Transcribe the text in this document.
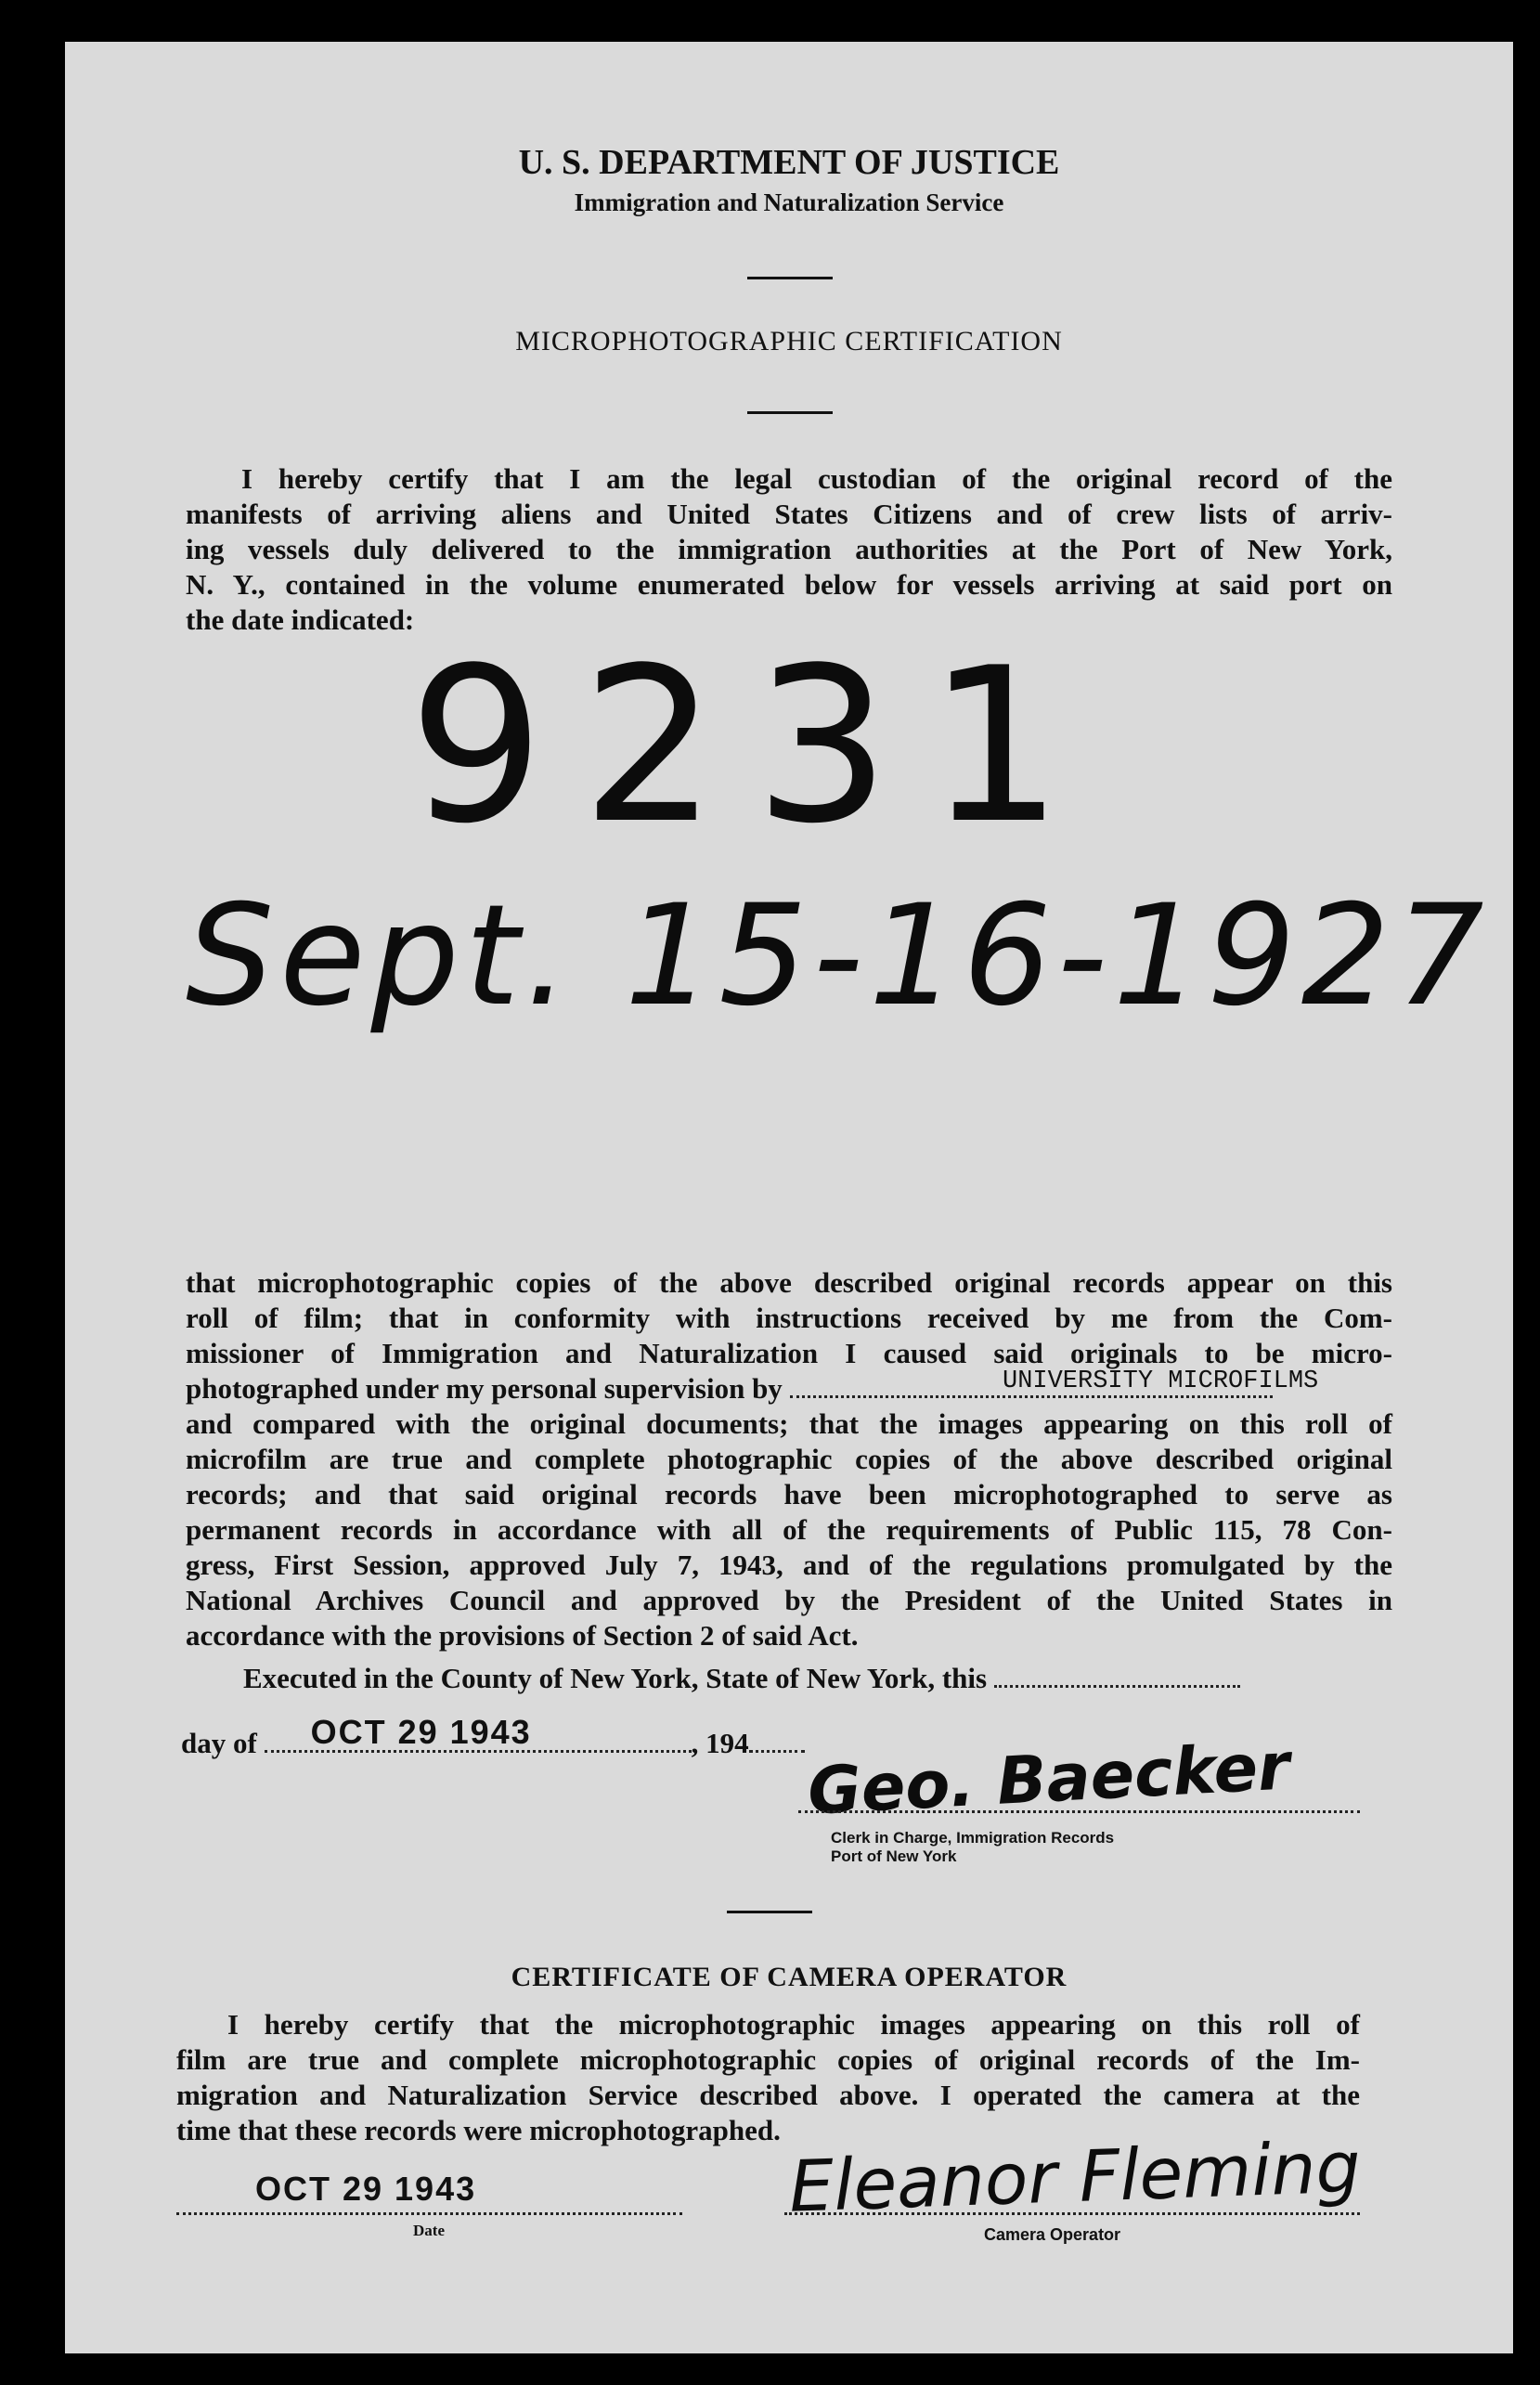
U. S. DEPARTMENT OF JUSTICE
Immigration and Naturalization Service
MICROPHOTOGRAPHIC CERTIFICATION
I hereby certify that I am the legal custodian of the original record of the
manifests of arriving aliens and United States Citizens and of crew lists of arriv-
ing vessels duly delivered to the immigration authorities at the Port of New York,
N. Y., contained in the volume enumerated below for vessels arriving at said port on
the date indicated:
9231
Sept. 15-16-1927
that microphotographic copies of the above described original records appear on this
roll of film; that in conformity with instructions received by me from the Com-
missioner of Immigration and Naturalization I caused said originals to be micro-
photographed under my personal supervision by	UNIVERSITY MICROFILMS
and compared with the original documents; that the images appearing on this roll of
microfilm are true and complete photographic copies of the above described original
records; and that said original records have been microphotographed to serve as
permanent records in accordance with all of the requirements of Public 115, 78 Con-
gress, First Session, approved July 7, 1943, and of the regulations promulgated by the
National Archives Council and approved by the President of the United States in
accordance with the provisions of Section 2 of said Act.
Executed in the County of New York, State of New York, this
day of OCT 29 1943	, 194 Geo. Baecker
Clerk in Charge, Immigration Records
Port of New York
CERTIFICATE OF CAMERA OPERATOR
I hereby certify that the microphotographic images appearing on this roll of
film are true and complete microphotographic copies of original records of the Im-
migration and Naturalization Service described above. I operated the camera at the
time that these records were microphotographed.
OCT 29 1943
Date
Eleanor Fleming
Camera Operator
